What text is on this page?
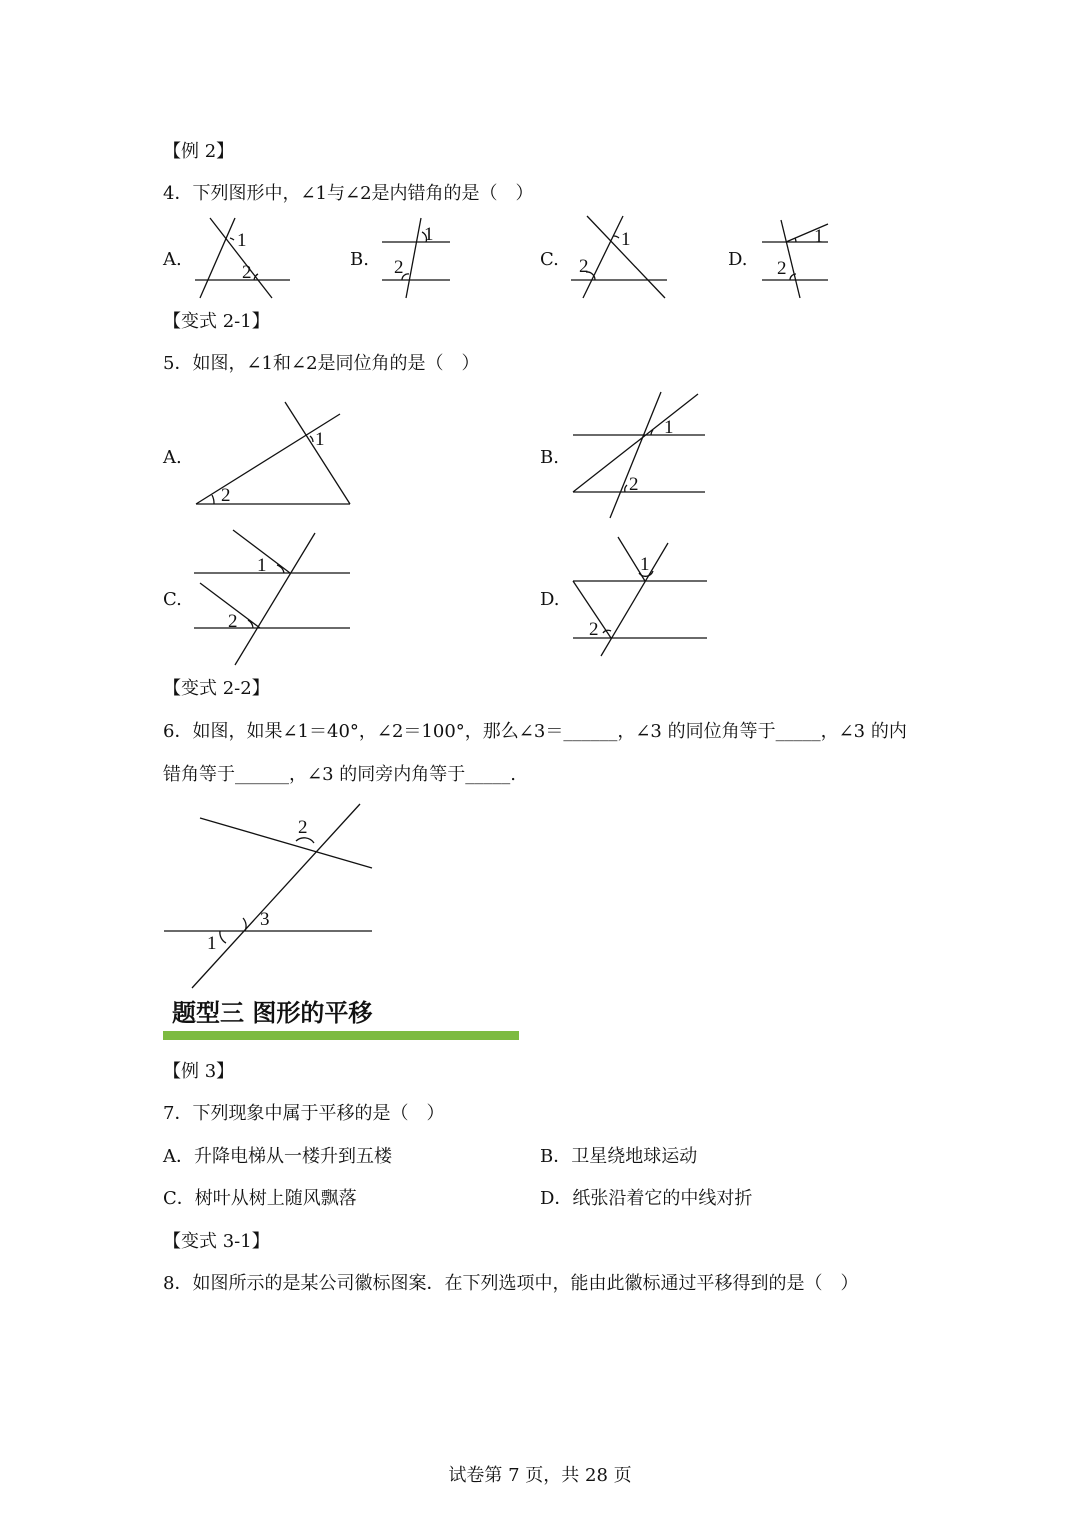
【例 2】
4．下列图形中，∠1与∠2是内错角的是（　）
A.
1
2
B.
1
2	C.
1
2	D.
1
2
【变式 2-1】
5．如图，∠1和∠2是同位角的是（　）
A.
1
2
B.
1
2
C.
1
2
D.
1
2
【变式 2-2】
6．如图，如果∠1＝40°，∠2＝100°，那么∠3＝______，∠3 的同位角等于_____，∠3 的内
错角等于______，∠3 的同旁内角等于_____.
2
3
1
题型三 图形的平移
【例 3】
7．下列现象中属于平移的是（　）
A．升降电梯从一楼升到五楼	B．卫星绕地球运动
C．树叶从树上随风飘落	D．纸张沿着它的中线对折
【变式 3-1】
8．如图所示的是某公司徽标图案．在下列选项中，能由此徽标通过平移得到的是（　）
试卷第 7 页，共 28 页
